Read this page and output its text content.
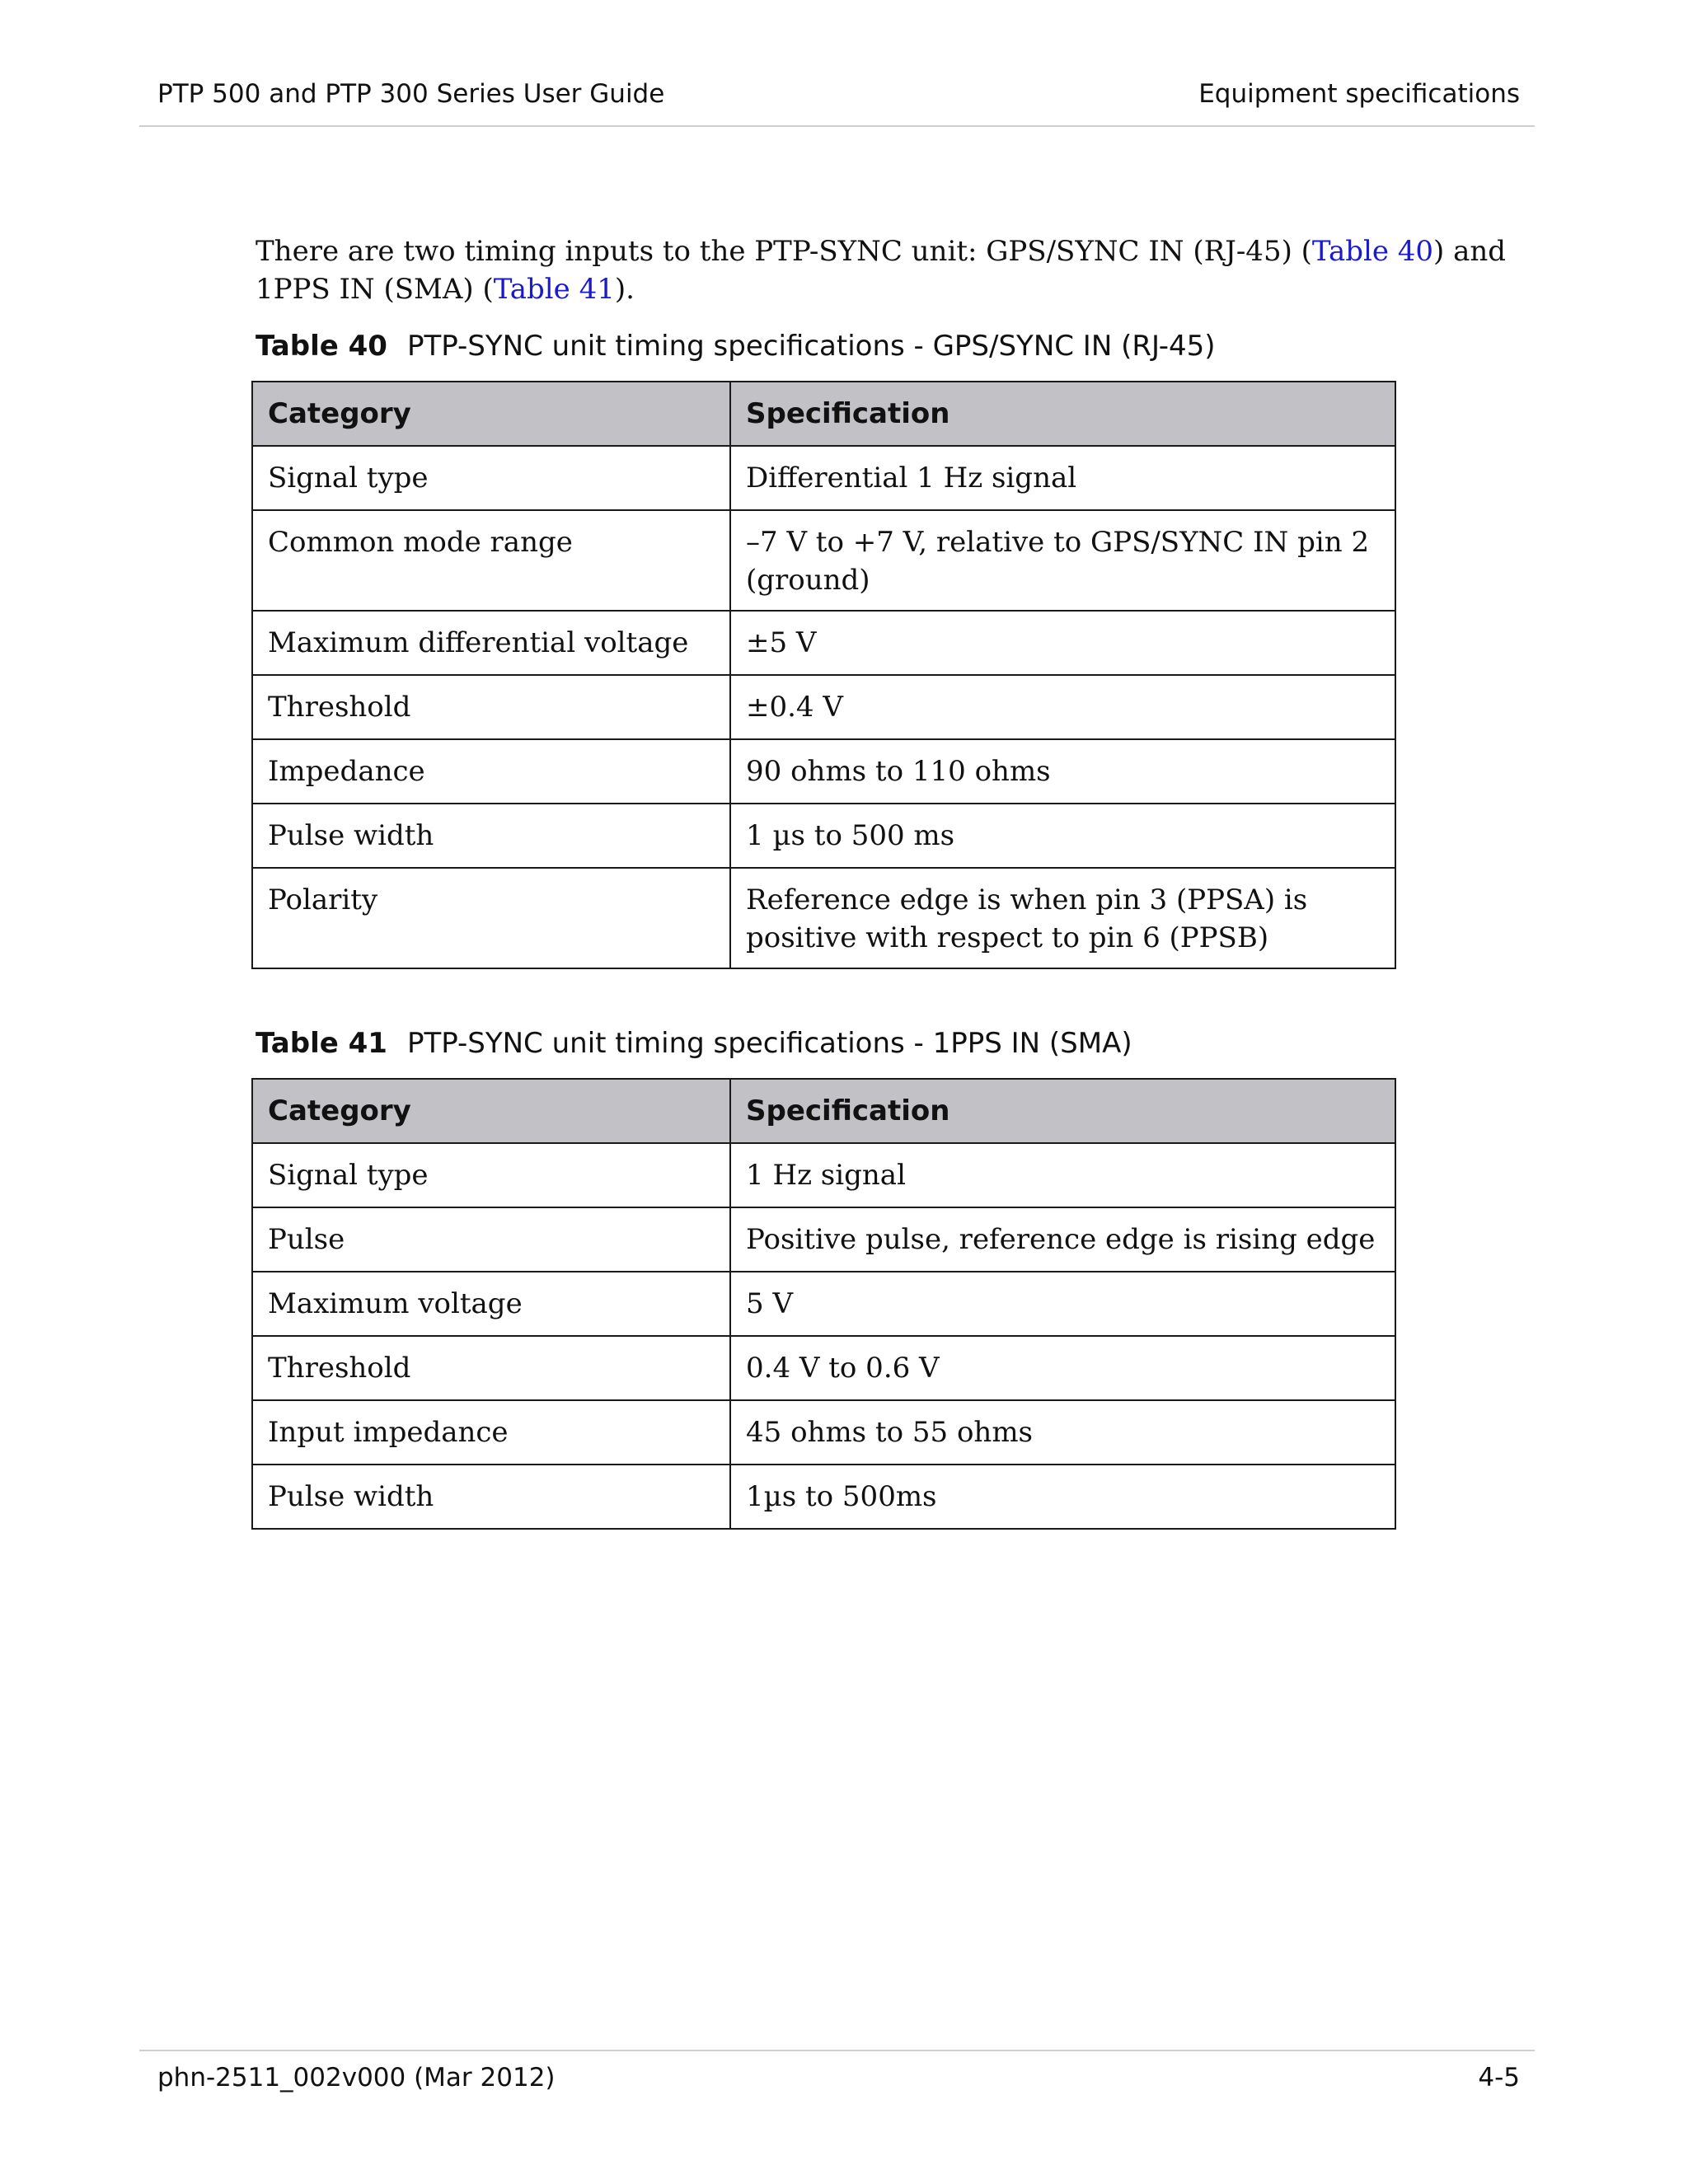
PTP 500 and PTP 300 Series User Guide	Equipment specifications

There are two timing inputs to the PTP-SYNC unit: GPS/SYNC IN (RJ-45) (Table 40) and 1PPS IN (SMA) (Table 41).

Table 40 PTP-SYNC unit timing specifications - GPS/SYNC IN (RJ-45)
Category	Specification
Signal type	Differential 1 Hz signal
Common mode range	–7 V to +7 V, relative to GPS/SYNC IN pin 2 (ground)
Maximum differential voltage	±5 V
Threshold	±0.4 V
Impedance	90 ohms to 110 ohms
Pulse width	1 µs to 500 ms
Polarity	Reference edge is when pin 3 (PPSA) is positive with respect to pin 6 (PPSB)
Table 41 PTP-SYNC unit timing specifications - 1PPS IN (SMA)
Category	Specification
Signal type	1 Hz signal
Pulse	Positive pulse, reference edge is rising edge
Maximum voltage	5 V
Threshold	0.4 V to 0.6 V
Input impedance	45 ohms to 55 ohms
Pulse width	1µs to 500ms
phn-2511_002v000 (Mar 2012)	4-5
